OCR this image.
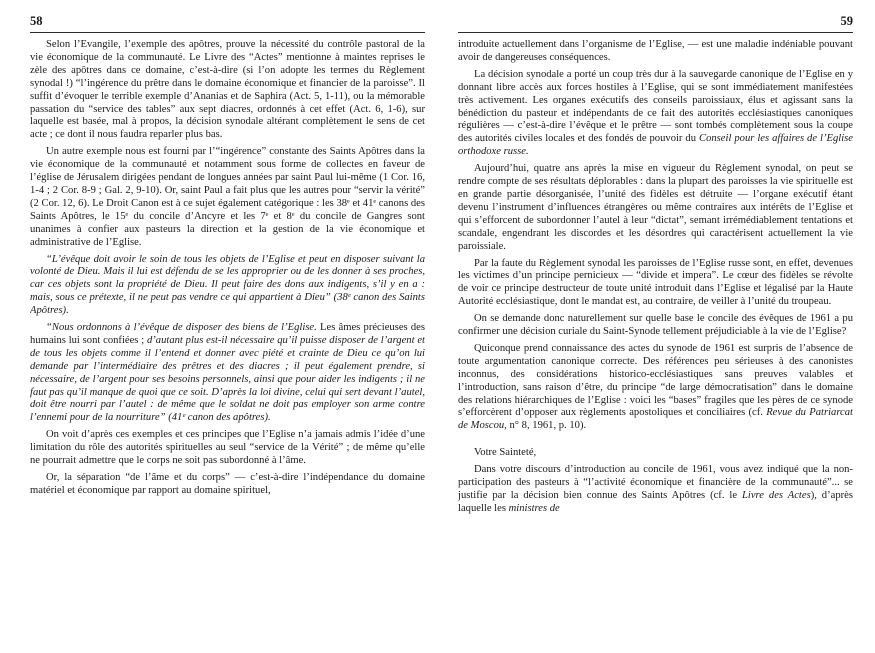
58

Selon l’Evangile, l’exemple des apôtres, prouve la nécessité du contrôle pastoral de la vie économique de la communauté. Le Livre des “Actes” mentionne à maintes reprises le zèle des apôtres dans ce domaine, c’est-à-dire (si l’on adopte les termes du Règlement synodal !) “l’ingérence du prêtre dans le domaine économique et financier de la paroisse”. Il suffit d’évoquer le terrible exemple d’Ananias et de Saphira (Act. 5, 1-11), ou la mémorable passation du “service des tables” aux sept diacres, ordonnés à cet effet (Act. 6, 1-6), sur laquelle est basée, mal à propos, la décision synodale altérant complètement le sens de cet acte ; ce dont il nous faudra reparler plus bas.

Un autre exemple nous est fourni par l’“ingérence” constante des Saints Apôtres dans la vie économique de la communauté et notamment sous forme de collectes en faveur de l’église de Jérusalem dirigées pendant de longues années par saint Paul lui-même (1 Cor. 16, 1-4 ; 2 Cor. 8-9 ; Gal. 2, 9-10). Or, saint Paul a fait plus que les autres pour “servir la vérité” (2 Cor. 12, 6). Le Droit Canon est à ce sujet également catégorique : les 38ᵉ et 41ᵉ canons des Saints Apôtres, le 15ᵉ du concile d’Ancyre et les 7ᵉ et 8ᵉ du concile de Gangres sont unanimes à confier aux pasteurs la direction et la gestion de la vie économique et administrative de l’Eglise.

“L’évêque doit avoir le soin de tous les objets de l’Eglise et peut en disposer suivant la volonté de Dieu. Mais il lui est défendu de se les approprier ou de les donner à ses proches, car ces objets sont la propriété de Dieu. Il peut faire des dons aux indigents, s’il y en a : mais, sous ce prétexte, il ne peut pas vendre ce qui appartient à Dieu” (38ᵉ canon des Saints Apôtres).

“Nous ordonnons à l’évêque de disposer des biens de l’Eglise. Les âmes précieuses des humains lui sont confiées ; d’autant plus est-il nécessaire qu’il puisse disposer de l’argent et de tous les objets comme il l’entend et donner avec piété et crainte de Dieu ce qu’on lui demande par l’intermédiaire des prêtres et des diacres ; il peut également prendre, si nécessaire, de l’argent pour ses besoins personnels, ainsi que pour aider les indigents ; il ne faut pas qu’il manque de quoi que ce soit. D’après la loi divine, celui qui sert devant l’autel, doit être nourri par l’autel : de même que le soldat ne doit pas employer son arme contre l’ennemi pour de la nourriture” (41ᵉ canon des apôtres).

On voit d’après ces exemples et ces principes que l’Eglise n’a jamais admis l’idée d’une limitation du rôle des autorités spirituelles au seul “service de la Vérité” ; de même qu’elle ne pourrait admettre que le corps ne soit pas subordonné à l’âme.

Or, la séparation “de l’âme et du corps” — c’est-à-dire l’indépendance du domaine matériel et économique par rapport au domaine spirituel,

59

introduite actuellement dans l’organisme de l’Eglise, — est une maladie indéniable pouvant avoir de dangereuses conséquences.

La décision synodale a porté un coup très dur à la sauvegarde canonique de l’Eglise en y donnant libre accès aux forces hostiles à l’Eglise, qui se sont immédiatement manifestées très activement. Les organes exécutifs des conseils paroissiaux, élus et agissant sans la bénédiction du pasteur et indépendants de ce fait des autorités ecclésiastiques canoniques régulières — c’est-à-dire l’évêque et le prêtre — sont tombés complètement sous la coupe des autorités civiles locales et des fondés de pouvoir du Conseil pour les affaires de l’Eglise orthodoxe russe.

Aujourd’hui, quatre ans après la mise en vigueur du Règlement synodal, on peut se rendre compte de ses résultats déplorables : dans la plupart des paroisses la vie spirituelle est en grande partie désorganisée, l’unité des fidèles est détruite — l’organe exécutif étant devenu l’instrument d’influences étrangères ou même contraires aux intérêts de l’Eglise et qui s’efforcent de subordonner l’autel à leur “dictat”, semant irrémédiablement tentations et scandale, engendrant les discordes et les désordres qui caractérisent actuellement la vie paroissiale.

Par la faute du Règlement synodal les paroisses de l’Eglise russe sont, en effet, devenues les victimes d’un principe pernicieux — “divide et impera”. Le cœur des fidèles se révolte de voir ce principe destructeur de toute unité introduit dans l’Eglise et légalisé par la Haute Autorité ecclésiastique, dont le mandat est, au contraire, de veiller à l’unité du troupeau.

On se demande donc naturellement sur quelle base le concile des évêques de 1961 a pu confirmer une décision curiale du Saint-Synode tellement préjudiciable à la vie de l’Eglise?

Quiconque prend connaissance des actes du synode de 1961 est surpris de l’absence de toute argumentation canonique correcte. Des références peu sérieuses à des canonistes inconnus, des considérations historico-ecclésiastiques sans preuves valables et l’introduction, sans raison d’être, du principe “de large démocratisation” dans le domaine des relations hiérarchiques de l’Eglise : voici les “bases” fragiles que les pères de ce synode s’efforcèrent d’opposer aux règlements apostoliques et conciliaires (cf. Revue du Patriarcat de Moscou, n° 8, 1961, p. 10).

Votre Sainteté,

Dans votre discours d’introduction au concile de 1961, vous avez indiqué que la non-participation des pasteurs à “l’activité économique et financière de la communauté”... se justifie par la décision bien connue des Saints Apôtres (cf. le Livre des Actes), d’après laquelle les ministres de
